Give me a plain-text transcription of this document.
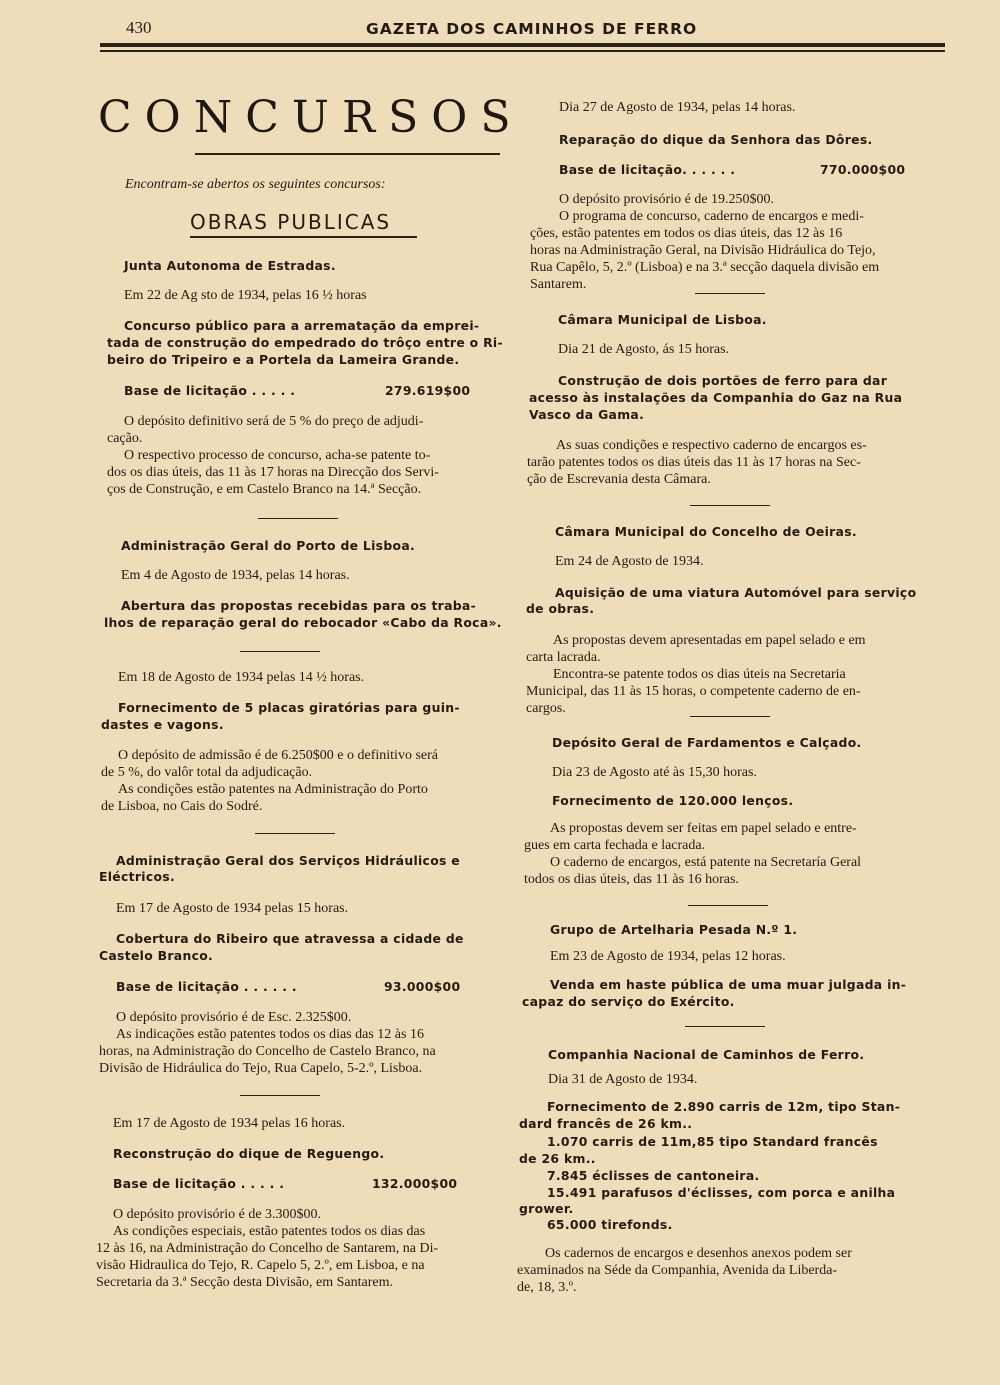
430	GAZETA DOS CAMINHOS DE FERRO
CONCURSOS
Encontram-se abertos os seguintes concursos:
OBRAS PUBLICAS
Junta Autonoma de Estradas.
Em 22 de Ag sto de 1934, pelas 16 ½ horas
Concurso público para a arrematação da emprei-
tada de construção do empedrado do trôço entre o Ri-
beiro do Tripeiro e a Portela da Lameira Grande.
Base de licitação . . . . .	279.619$00
O depósito definitivo será de 5 % do preço de adjudi-
cação.
O respectivo processo de concurso, acha-se patente to-
dos os dias úteis, das 11 às 17 horas na Direcção dos Servi-
ços de Construção, e em Castelo Branco na 14.ª Secção.
Administração Geral do Porto de Lisboa.
Em 4 de Agosto de 1934, pelas 14 horas.
Abertura das propostas recebidas para os traba-
lhos de reparação geral do rebocador «Cabo da Roca».
Em 18 de Agosto de 1934 pelas 14 ½ horas.
Fornecimento de 5 placas giratórias para guin-
dastes e vagons.
O depósito de admissão é de 6.250$00 e o definitivo será
de 5 %, do valôr total da adjudicação.
As condições estão patentes na Administração do Porto
de Lisboa, no Cais do Sodré.
Administração Geral dos Serviços Hidráulicos e
Eléctricos.
Em 17 de Agosto de 1934 pelas 15 horas.
Cobertura do Ribeiro que atravessa a cidade de
Castelo Branco.
Base de licitação . . . . . .	93.000$00
O depósito provisório é de Esc. 2.325$00.
As indicações estão patentes todos os dias das 12 às 16
horas, na Administração do Concelho de Castelo Branco, na
Divisão de Hidráulica do Tejo, Rua Capelo, 5-2.º, Lisboa.
Em 17 de Agosto de 1934 pelas 16 horas.
Reconstrução do dique de Reguengo.
Base de licitação . . . . .	132.000$00
O depósito provisório é de 3.300$00.
As condições especiais, estão patentes todos os dias das
12 às 16, na Administração do Concelho de Santarem, na Di-
visão Hidraulica do Tejo, R. Capelo 5, 2.º, em Lisboa, e na
Secretaria da 3.ª Secção desta Divisão, em Santarem.
Dia 27 de Agosto de 1934, pelas 14 horas.
Reparação do dique da Senhora das Dôres.
Base de licitação. . . . . .	770.000$00
O depósito provisório é de 19.250$00.
O programa de concurso, caderno de encargos e medi-
ções, estão patentes em todos os dias úteis, das 12 às 16
horas na Administração Geral, na Divisão Hidráulica do Tejo,
Rua Capêlo, 5, 2.º (Lisboa) e na 3.ª secção daquela divisão em
Santarem.
Câmara Municipal de Lisboa.
Dia 21 de Agosto, ás 15 horas.
Construção de dois portões de ferro para dar
acesso às instalações da Companhia do Gaz na Rua
Vasco da Gama.
As suas condições e respectivo caderno de encargos es-
tarão patentes todos os dias úteis das 11 às 17 horas na Sec-
ção de Escrevania desta Câmara.
Câmara Municipal do Concelho de Oeiras.
Em 24 de Agosto de 1934.
Aquisição de uma viatura Automóvel para serviço
de obras.
As propostas devem apresentadas em papel selado e em
carta lacrada.
Encontra-se patente todos os dias úteis na Secretaria
Municipal, das 11 às 15 horas, o competente caderno de en-
cargos.
Depósito Geral de Fardamentos e Calçado.
Dia 23 de Agosto até às 15,30 horas.
Fornecimento de 120.000 lenços.
As propostas devem ser feitas em papel selado e entre-
gues em carta fechada e lacrada.
O caderno de encargos, está patente na Secretaría Geral
todos os dias úteis, das 11 às 16 horas.
Grupo de Artelharia Pesada N.º 1.
Em 23 de Agosto de 1934, pelas 12 horas.
Venda em haste pública de uma muar julgada in-
capaz do serviço do Exército.
Companhia Nacional de Caminhos de Ferro.
Dia 31 de Agosto de 1934.
Fornecimento de 2.890 carris de 12m, tipo Stan-
dard francês de 26 km..
1.070 carris de 11m,85 tipo Standard francês
de 26 km..
7.845 éclisses de cantoneira.
15.491 parafusos d'éclisses, com porca e anilha
grower.
65.000 tirefonds.
Os cadernos de encargos e desenhos anexos podem ser
examinados na Séde da Companhia, Avenida da Liberda-
de, 18, 3.º.
